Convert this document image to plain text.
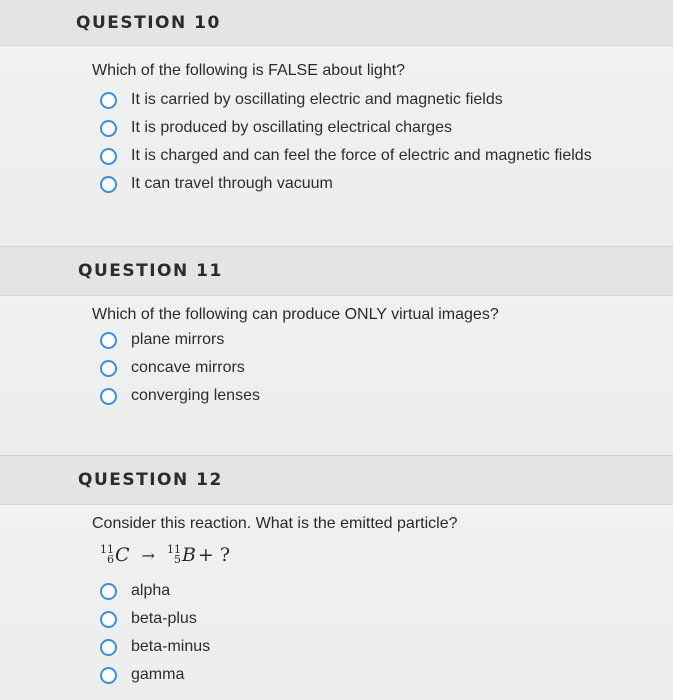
QUESTION 10

Which of the following is FALSE about light?

It is carried by oscillating electric and magnetic fields
It is produced by oscillating electrical charges
It is charged and can feel the force of electric and magnetic fields
It can travel through vacuum
QUESTION 11

Which of the following can produce ONLY virtual images?

plane mirrors
concave mirrors
converging lenses
QUESTION 12

Consider this reaction. What is the emitted particle?

11
6 C → 11
5 B + ?
alpha
beta-plus
beta-minus
gamma
